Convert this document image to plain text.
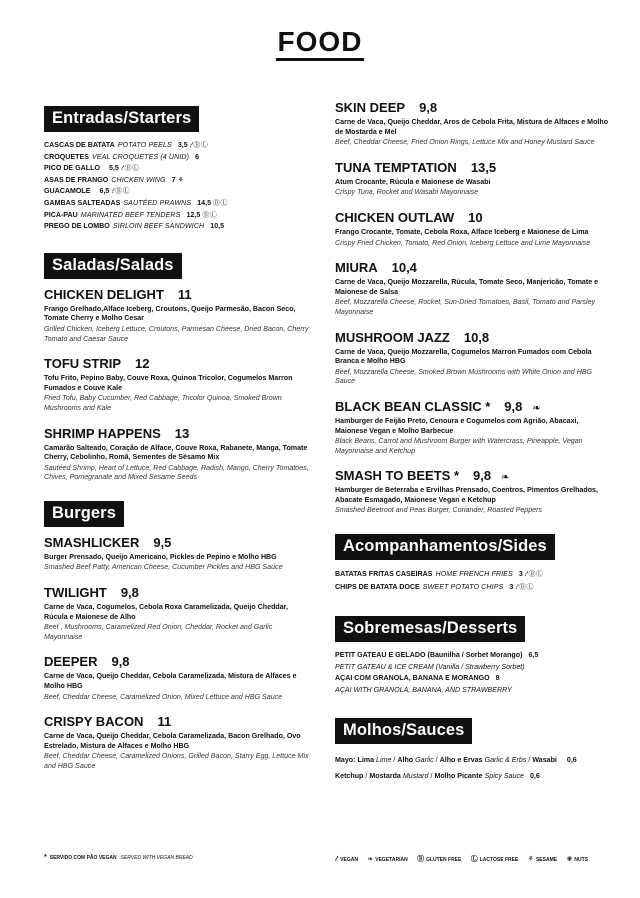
FOOD
Entradas/Starters
CASCAS DE BATATA POTATO PEELS 3,5 ⹔ⒷⓁ
CROQUETES VEAL CROQUETES (4 UNID) 6
PICO DE GALLO 5,5 ⹔ⒷⓁ
ASAS DE FRANGO CHICKEN WING 7 ⚘
GUACAMOLE 6,5 ⹔ⒷⓁ
GAMBAS SALTEADAS SAUTÉED PRAWNS 14,5 ⒷⓁ
PICA-PAU MARINATED BEEF TENDERS 12,5 ⒷⓁ
PREGO DE LOMBO SIRLOIN BEEF SANDWICH 10,5
Saladas/Salads
CHICKEN DELIGHT 11
Frango Grelhado,Alface Iceberg, Croutons, Queijo Parmesão, Bacon Seco, Tomate Cherry e Molho Cesar
Grilled Chicken, Iceberg Lettuce, Croutons, Parmesan Cheese, Dried Bacon, Cherry Tomato and Caesar Sauce
TOFU STRIP 12
Tofu Frito, Pepino Baby, Couve Roxa, Quinoa Tricolor, Cogumelos Marron Fumados e Couve Kale
Fried Tofu, Baby Cucumber, Red Cabbage, Tricolor Quinoa, Smoked Brown Mushrooms and Kale
SHRIMP HAPPENS 13
Camarão Salteado, Coração de Alface, Couve Roxa, Rabanete, Manga, Tomate Cherry, Cebolinho, Romã, Sementes de Sésamo Mix
Sautéed Shrimp, Heart of Lettuce, Red Cabbage, Radish, Mango, Cherry Tomatoes, Chives, Pomegranate and Mixed Sesame Seeds
Burgers
SMASHLICKER 9,5
Burger Prensado, Queijo Americano, Pickles de Pepino e Molho HBG
Smashed Beef Patty, American Cheese, Cucumber Pickles and HBG Sauce
TWILIGHT 9,8
Carne de Vaca, Cogumelos, Cebola Roxa Caramelizada, Queijo Cheddar, Rúcula e Maionese de Alho
Beef , Mushrooms, Caramelized Red Onion, Cheddar, Rocket and Garlic Mayonnaise
DEEPER 9,8
Carne de Vaca, Queijo Cheddar, Cebola Caramelizada, Mistura de Alfaces e Molho HBG
Beef, Cheddar Cheese, Caramelized Onion, Mixed Lettuce and HBG Sauce
CRISPY BACON 11
Carne de Vaca, Queijo Cheddar, Cebola Caramelizada, Bacon Grelhado, Ovo Estrelado, Mistura de Alfaces e Molho HBG
Beef, Cheddar Cheese, Caramelized Onions, Grilled Bacon, Starry Egg, Lettuce Mix and HBG Sauce
SKIN DEEP 9,8
Carne de Vaca, Queijo Cheddar, Aros de Cebola Frita, Mistura de Alfaces e Molho de Mostarda e Mel
Beef, Cheddar Cheese, Fried Onion Rings, Lettuce Mix and Honey Mustard Sauce
TUNA TEMPTATION 13,5
Atum Crocante, Rúcula e Maionese de Wasabi
Crispy Tuna, Rocket and Wasabi Mayonnaise
CHICKEN OUTLAW 10
Frango Crocante, Tomate, Cebola Roxa, Alface Iceberg e Maionese de Lima
Crispy Fried Chicken, Tomato, Red Onion, Iceberg Lettuce and Lime Mayonnaise
MIURA 10,4
Carne de Vaca, Queijo Mozzarella, Rúcula, Tomate Seco, Manjericão, Tomate e Maionese de Salsa
Beef, Mozzarella Cheese, Rocket, Sun-Dried Tomatoes, Basil, Tomato and Parsley Mayonnaise
MUSHROOM JAZZ 10,8
Carne de Vaca, Queijo Mozzarella, Cogumelos Marron Fumados com Cebola Branca e Molho HBG
Beef, Mozzarella Cheese, Smoked Brown Mushrooms with White Onion and HBG Sauce
BLACK BEAN CLASSIC * 9,8 ❧
Hamburger de Feijão Preto, Cenoura e Cogumelos com Agrião, Abacaxi, Maionese Vegan e Molho Barbecue
Black Beans, Carrot and Mushroom Burger with Watercrass, Pineapple, Vegan Mayonnaise and Ketchup
SMASH TO BEETS * 9,8 ❧
Hamburger de Beterraba e Ervilhas Prensado, Coentros, Pimentos Grelhados, Abacate Esmagado, Maionese Vegan e Ketchup
Smashed Beetroot and Peas Burger, Coriander, Roasted Peppers
Acompanhamentos/Sides
BATATAS FRITAS CASEIRAS HOME FRENCH FRIES 3 ⹔ⒷⓁ
CHIPS DE BATATA DOCE SWEET POTATO CHIPS 3 ⹔ⒷⓁ
Sobremesas/Desserts
PETIT GATEAU E GELADO (Baunilha / Sorbet Morango) 6,5
PETIT GATEAU & ICE CREAM (Vanilla / Strawberry Sorbet)
AÇAI COM GRANOLA, BANANA E MORANGO 8
AÇAI WITH GRANOLA, BANANA, AND STRAWBERRY
Molhos/Sauces
Mayo: Lima Lime / Alho Garlic / Alho e Ervas Garlic & Erbs / Wasabi 0,6
Ketchup / Mostarda Mustard / Molho Picante Spicy Sauce 0,6
* SERVIDO COM PÃO VEGAN SERVED WITH VEGAN BREAD	⹔ VEGAN ❧ VEGETARIAN Ⓑ GLUTEN FREE Ⓛ LACTOSE FREE ⚘ SESAME ❀ NUTS
